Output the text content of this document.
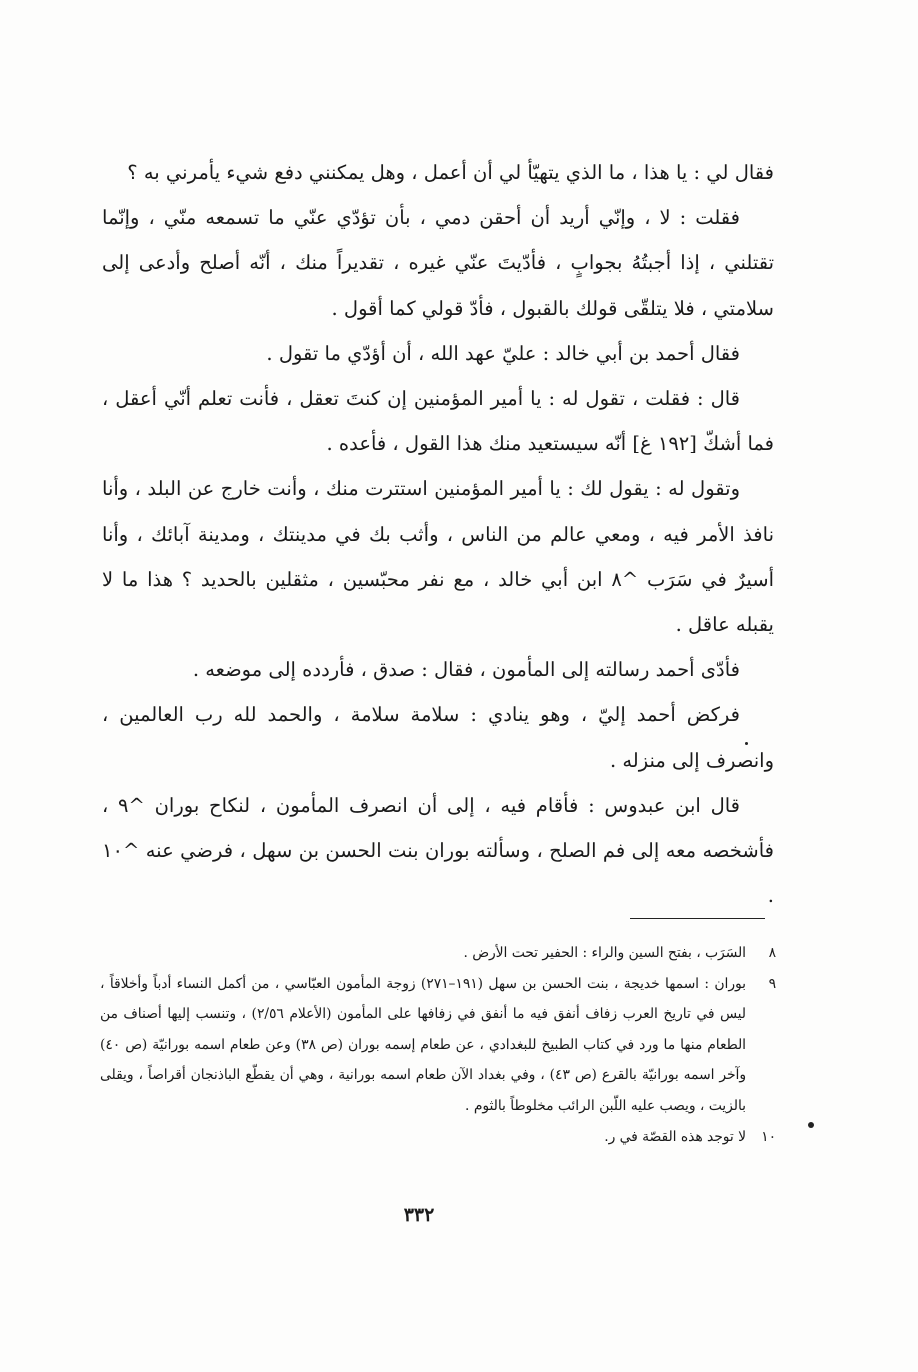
فقال لي : يا هذا ، ما الذي يتهيّأ لي أن أعمل ، وهل يمكنني دفع شيء يأمرني به ؟

فقلت : لا ، وإنّي أريد أن أحقن دمي ، بأن تؤدّي عنّي ما تسمعه منّي ، وإنّما تقتلني ، إذا أجبتُهُ بجوابٍ ، فأدّيتَ عنّي غيره ، تقديراً منك ، أنّه أصلح وأدعى إلى سلامتي ، فلا يتلقّى قولك بالقبول ، فأدّ قولي كما أقول .

فقال أحمد بن أبي خالد : عليّ عهد الله ، أن أؤدّي ما تقول .

قال : فقلت ، تقول له : يا أمير المؤمنين إن كنتَ تعقل ، فأنت تعلم أنّي أعقل ، فما أشكّ [١٩٢ غ] أنّه سيستعيد منك هذا القول ، فأعده .

وتقول له : يقول لك : يا أمير المؤمنين استترت منك ، وأنت خارج عن البلد ، وأنا نافذ الأمر فيه ، ومعي عالم من الناس ، وأثب بك في مدينتك ، ومدينة آبائك ، وأنا أسيرٌ في سَرَب ^٨ ابن أبي خالد ، مع نفر محبّسين ، مثقلين بالحديد ؟ هذا ما لا يقبله عاقل .

فأدّى أحمد رسالته إلى المأمون ، فقال : صدق ، فأردده إلى موضعه .

فركض أحمد إليّ ، وهو ينادي : سلامة سلامة ، والحمد لله رب العالمين ، وانصرف إلى منزله .

قال ابن عبدوس : فأقام فيه ، إلى أن انصرف المأمون ، لنكاح بوران ^٩ ، فأشخصه معه إلى فم الصلح ، وسألته بوران بنت الحسن بن سهل ، فرضي عنه ^١٠ .

٨
السَرَب ، بفتح السين والراء : الحفير تحت الأرض .
٩
بوران : اسمها خديجة ، بنت الحسن بن سهل (١٩١–٢٧١) زوجة المأمون العبّاسي ، من أكمل النساء أدباً وأخلاقاً ، ليس في تاريخ العرب زفاف أنفق فيه ما أنفق في زفافها على المأمون (الأعلام ٢/٥٦) ، وتنسب إليها أصناف من الطعام منها ما ورد في كتاب الطبيخ للبغدادي ، عن طعام إسمه بوران (ص ٣٨) وعن طعام اسمه بورانيّة (ص ٤٠) وآخر اسمه بورانيّة بالقرع (ص ٤٣) ، وفي بغداد الآن طعام اسمه بورانية ، وهي أن يقطّع الباذنجان أقراصاً ، ويقلى بالزيت ، ويصب عليه اللّبن الرائب مخلوطاً بالثوم .
١٠
لا توجد هذه القصّة في ر.
٣٣٢
